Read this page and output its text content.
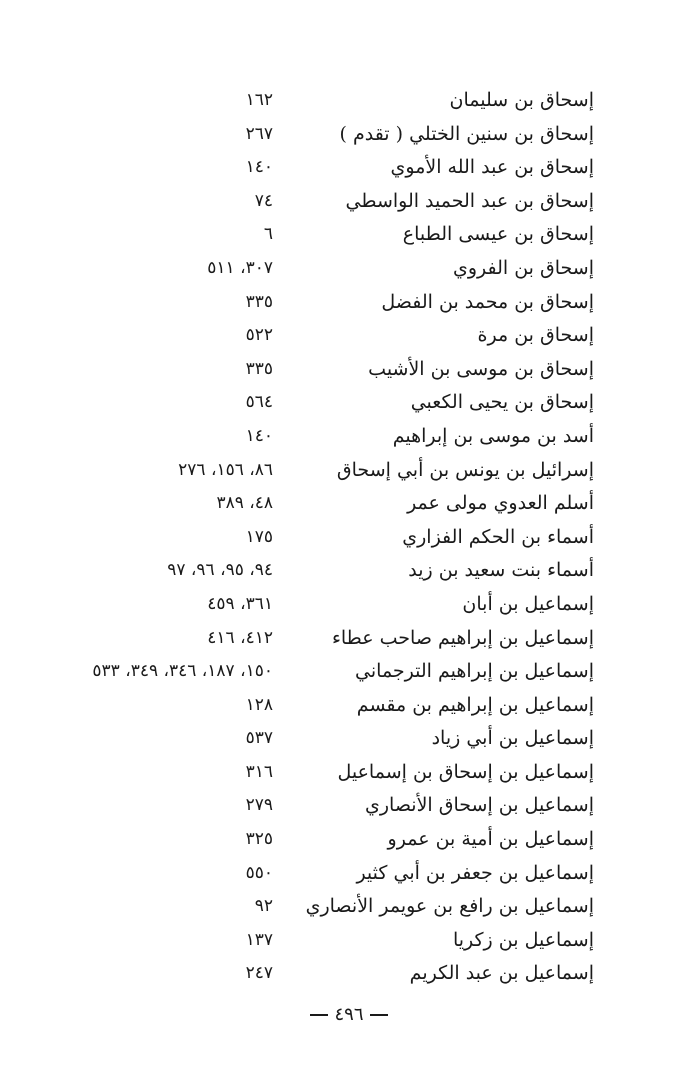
إسحاق بن سليمان
١٦٢
إسحاق بن سنين الختلي ( تقدم )
٢٦٧
إسحاق بن عبد الله الأموي
١٤٠
إسحاق بن عبد الحميد الواسطي
٧٤
إسحاق بن عيسى الطباع
٦
إسحاق بن الفروي
٣٠٧، ٥١١
إسحاق بن محمد بن الفضل
٣٣٥
إسحاق بن مرة
٥٢٢
إسحاق بن موسى بن الأشيب
٣٣٥
إسحاق بن يحيى الكعبي
٥٦٤
أسد بن موسى بن إبراهيم
١٤٠
إسرائيل بن يونس بن أبي إسحاق
٨٦، ١٥٦، ٢٧٦
أسلم العدوي مولى عمر
٤٨، ٣٨٩
أسماء بن الحكم الفزاري
١٧٥
أسماء بنت سعيد بن زيد
٩٤، ٩٥، ٩٦، ٩٧
إسماعيل بن أبان
٣٦١، ٤٥٩
إسماعيل بن إبراهيم صاحب عطاء
٤١٢، ٤١٦
إسماعيل بن إبراهيم الترجماني
١٥٠، ١٨٧، ٣٤٦، ٣٤٩، ٥٣٣
إسماعيل بن إبراهيم بن مقسم
١٢٨
إسماعيل بن أبي زياد
٥٣٧
إسماعيل بن إسحاق بن إسماعيل
٣١٦
إسماعيل بن إسحاق الأنصاري
٢٧٩
إسماعيل بن أمية بن عمرو
٣٢٥
إسماعيل بن جعفر بن أبي كثير
٥٥٠
إسماعيل بن رافع بن عويمر الأنصاري
٩٢
إسماعيل بن زكريا
١٣٧
إسماعيل بن عبد الكريم
٢٤٧
٤٩٦
